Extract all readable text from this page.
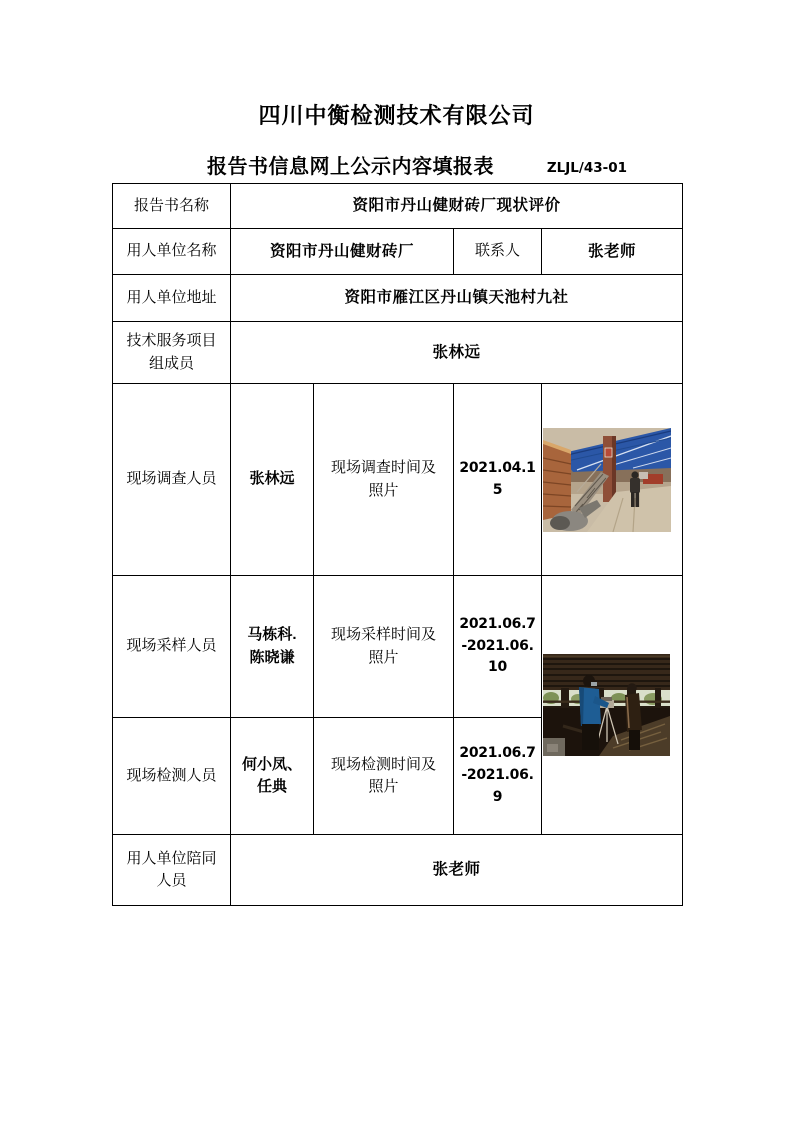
四川中衡检测技术有限公司
报告书信息网上公示内容填报表	ZLJL/43-01
报告书名称	资阳市丹山健财砖厂现状评价			
用人单位名称	资阳市丹山健财砖厂		联系人	张老师
用人单位地址	资阳市雁江区丹山镇天池村九社			
技术服务项目组成员	张林远			
现场调查人员	张林远	现场调查时间及照片	2021.04.15	
现场采样人员	马栋科.陈晓谦	现场采样时间及照片	2021.06.7-2021.06.10	
现场检测人员	何小凤、任典	现场检测时间及照片	2021.06.7-2021.06.9	
用人单位陪同人员	张老师			
